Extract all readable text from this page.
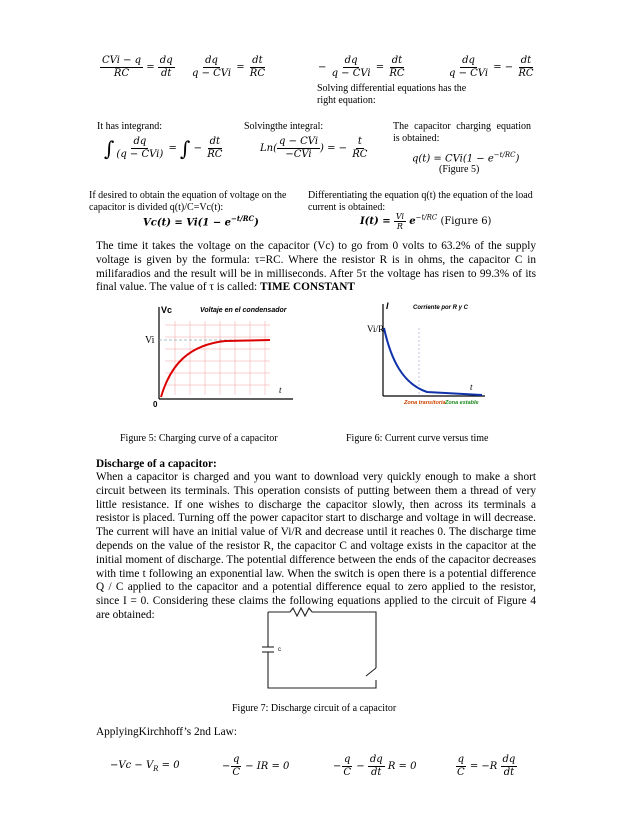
$\frac{\text{CVi − q}}{RC} = \frac{dq}{dt} \frac{dq}{\text{q − CVi}} = \frac{dt}{RC}$	− $\frac{dq}{\text{q − CVi}} = \frac{dt}{RC}$	$\frac{dq}{\text{q − CVi}}$ = − $\frac{dt}{RC}$
Solving differential equations has the right equation:
It has integrand:
∫ $\frac{dq}{\text{(q − CVi)}}$ = ∫ − $\frac{dt}{RC}$
Solvingthe integral:
$Ln( \frac{\text{q − CVi}}{\text{−CVi}}$ ) = − $\frac{t}{RC}$
The capacitor charging equation is obtained:
$q(t) = CVi(1 - e^{-t/RC})$
(Figure 5)
If desired to obtain the equation of voltage on the capacitor is divided q(t)/C=Vc(t):
$Vc(t) = Vi(1 - e^{-t/RC})$
Differentiating the equation q(t) the equation of the load current is obtained:
$I(t) = \frac{Vi}{R} e^{-t/RC}$ (Figure 6)
The time it takes the voltage on the capacitor (Vc) to go from 0 volts to 63.2% of the supply voltage is given by the formula: τ=RC. Where the resistor R is in ohms, the capacitor C in milifaradios and the result will be in milliseconds. After 5τ the voltage has risen to 99.3% of its final value. The value of τ is called: TIME CONSTANT
Vc	Voltaje en el condensador
Vi
t
0
Figure 5: Charging curve of a capacitor
I	Corriente por R y C
Vi/R
t
Zona transitoria Zona estable
Figure 6: Current curve versus time
Discharge of a capacitor:
When a capacitor is charged and you want to download very quickly enough to make a short circuit between its terminals. This operation consists of putting between them a thread of very little resistance. If one wishes to discharge the capacitor slowly, then across its terminals a resistor is placed. Turning off the power capacitor start to discharge and voltage in will decrease. The current will have an initial value of Vi/R and decrease until it reaches 0. The discharge time depends on the value of the resistor R, the capacitor C and voltage exists in the capacitor at the initial moment of discharge. The potential difference between the ends of the capacitor decreases with time t following an exponential law. When the switch is open there is a potential difference Q / C applied to the capacitor and a potential difference equal to zero applied to the resistor, since I = 0. Considering these claims the following equations applied to the circuit of Figure 4 are obtained:
c
Figure 7: Discharge circuit of a capacitor
ApplyingKirchhoff’s 2nd Law:
$-Vc - V_R = 0$	− $\frac{q}{C}$ − IR = 0	− $\frac{q}{C} - \frac{dq}{dt}$ R = 0	$\frac{q}{C} = -R \frac{dq}{dt}$
